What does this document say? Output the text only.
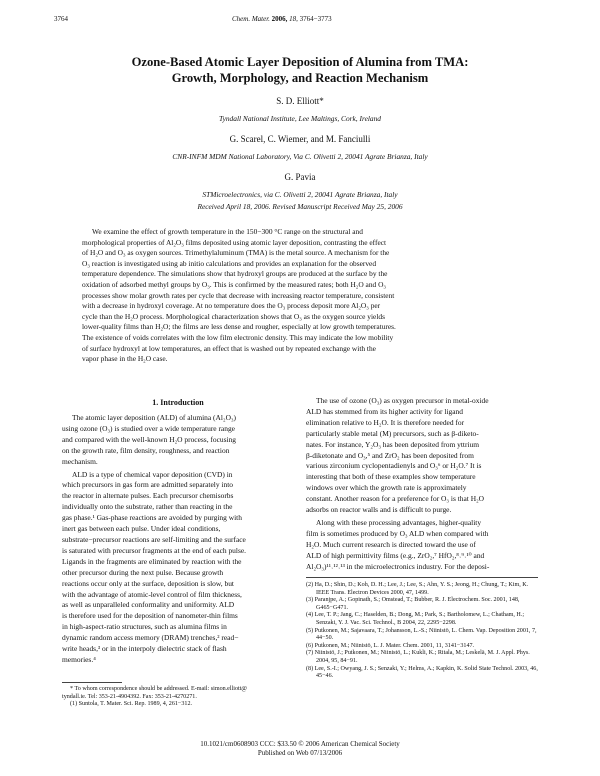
3764	Chem. Mater. 2006, 18, 3764−3773
Ozone-Based Atomic Layer Deposition of Alumina from TMA:
Growth, Morphology, and Reaction Mechanism
S. D. Elliott*
Tyndall National Institute, Lee Maltings, Cork, Ireland
G. Scarel, C. Wiemer, and M. Fanciulli
CNR-INFM MDM National Laboratory, Via C. Olivetti 2, 20041 Agrate Brianza, Italy
G. Pavia
STMicroelectronics, via C. Olivetti 2, 20041 Agrate Brianza, Italy
Received April 18, 2006. Revised Manuscript Received May 25, 2006
We examine the effect of growth temperature in the 150−300 °C range on the structural and
morphological properties of Al₂O₃ films deposited using atomic layer deposition, contrasting the effect
of H₂O and O₃ as oxygen sources. Trimethylaluminum (TMA) is the metal source. A mechanism for the
O₃ reaction is investigated using ab initio calculations and provides an explanation for the observed
temperature dependence. The simulations show that hydroxyl groups are produced at the surface by the
oxidation of adsorbed methyl groups by O₃. This is confirmed by the measured rates; both H₂O and O₃
processes show molar growth rates per cycle that decrease with increasing reactor temperature, consistent
with a decrease in hydroxyl coverage. At no temperature does the O₃ process deposit more Al₂O₃ per
cycle than the H₂O process. Morphological characterization shows that O₃ as the oxygen source yields
lower-quality films than H₂O; the films are less dense and rougher, especially at low growth temperatures.
The existence of voids correlates with the low film electronic density. This may indicate the low mobility
of surface hydroxyl at low temperatures, an effect that is washed out by repeated exchange with the
vapor phase in the H₂O case.
1. Introduction
The atomic layer deposition (ALD) of alumina (Al₂O₃)
using ozone (O₃) is studied over a wide temperature range
and compared with the well-known H₂O process, focusing
on the growth rate, film density, roughness, and reaction
mechanism.
ALD is a type of chemical vapor deposition (CVD) in
which precursors in gas form are admitted separately into
the reactor in alternate pulses. Each precursor chemisorbs
individually onto the substrate, rather than reacting in the
gas phase.¹ Gas-phase reactions are avoided by purging with
inert gas between each pulse. Under ideal conditions,
substrate−precursor reactions are self-limiting and the surface
is saturated with precursor fragments at the end of each pulse.
Ligands in the fragments are eliminated by reaction with the
other precursor during the next pulse. Because growth
reactions occur only at the surface, deposition is slow, but
with the advantage of atomic-level control of film thickness,
as well as unparalleled conformality and uniformity. ALD
is therefore used for the deposition of nanometer-thin films
in high-aspect-ratio structures, such as alumina films in
dynamic random access memory (DRAM) trenches,² read−
write heads,³ or in the interpoly dielectric stack of flash
memories.⁴
* To whom correspondence should be addressed. E-mail: simon.elliott@
tyndall.ie. Tel: 353-21-4904392. Fax: 353-21-4270271.
(1) Suntola, T. Mater. Sci. Rep. 1989, 4, 261−312.
The use of ozone (O₃) as oxygen precursor in metal-oxide
ALD has stemmed from its higher activity for ligand
elimination relative to H₂O. It is therefore needed for
particularly stable metal (M) precursors, such as β-diketo-
nates. For instance, Y₂O₃ has been deposited from yttrium
β-diketonate and O₃,⁵ and ZrO₂ has been deposited from
various zirconium cyclopentadienyls and O₃⁶ or H₂O.⁷ It is
interesting that both of these examples show temperature
windows over which the growth rate is approximately
constant. Another reason for a preference for O₃ is that H₂O
adsorbs on reactor walls and is difficult to purge.
Along with these processing advantages, higher-quality
film is sometimes produced by O₃ ALD when compared with
H₂O. Much current research is directed toward the use of
ALD of high permittivity films (e.g., ZrO₂,⁷ HfO₂,⁸˒⁹˒¹⁰ and
Al₂O₃)¹¹˒¹²˒¹³ in the microelectronics industry. For the deposi-
(2) Ha, D.; Shin, D.; Koh, D. H.; Lee, J.; Lee, S.; Ahn, Y. S.; Jeong, H.; Chung, T.; Kim, K. IEEE Trans. Electron Devices 2000, 47, 1499.
(3) Paranjpe, A.; Gopinath, S.; Omstead, T.; Bubber, R. J. Electrochem. Soc. 2001, 148, G465−G471.
(4) Lee, T. P.; Jang, C.; Haselden, B.; Dong, M.; Park, S.; Bartholomew, L.; Chatham, H.; Senzaki, Y. J. Vac. Sci. Technol., B 2004, 22, 2295−2298.
(5) Putkonen, M.; Sajavaara, T.; Johansson, L.-S.; Niinistö, L. Chem. Vap. Deposition 2001, 7, 44−50.
(6) Putkonen, M.; Niinistö, L. J. Mater. Chem. 2001, 11, 3141−3147.
(7) Niinistö, J.; Putkonen, M.; Niinistö, L.; Kukli, K.; Ritala, M.; Leskelä, M. J. Appl. Phys. 2004, 95, 84−91.
(8) Lee, S.-I.; Owyang, J. S.; Senzaki, Y.; Helms, A.; Kapkin, K. Solid State Technol. 2003, 46, 45−46.
10.1021/cm0608903 CCC: $33.50 © 2006 American Chemical Society
Published on Web 07/13/2006
